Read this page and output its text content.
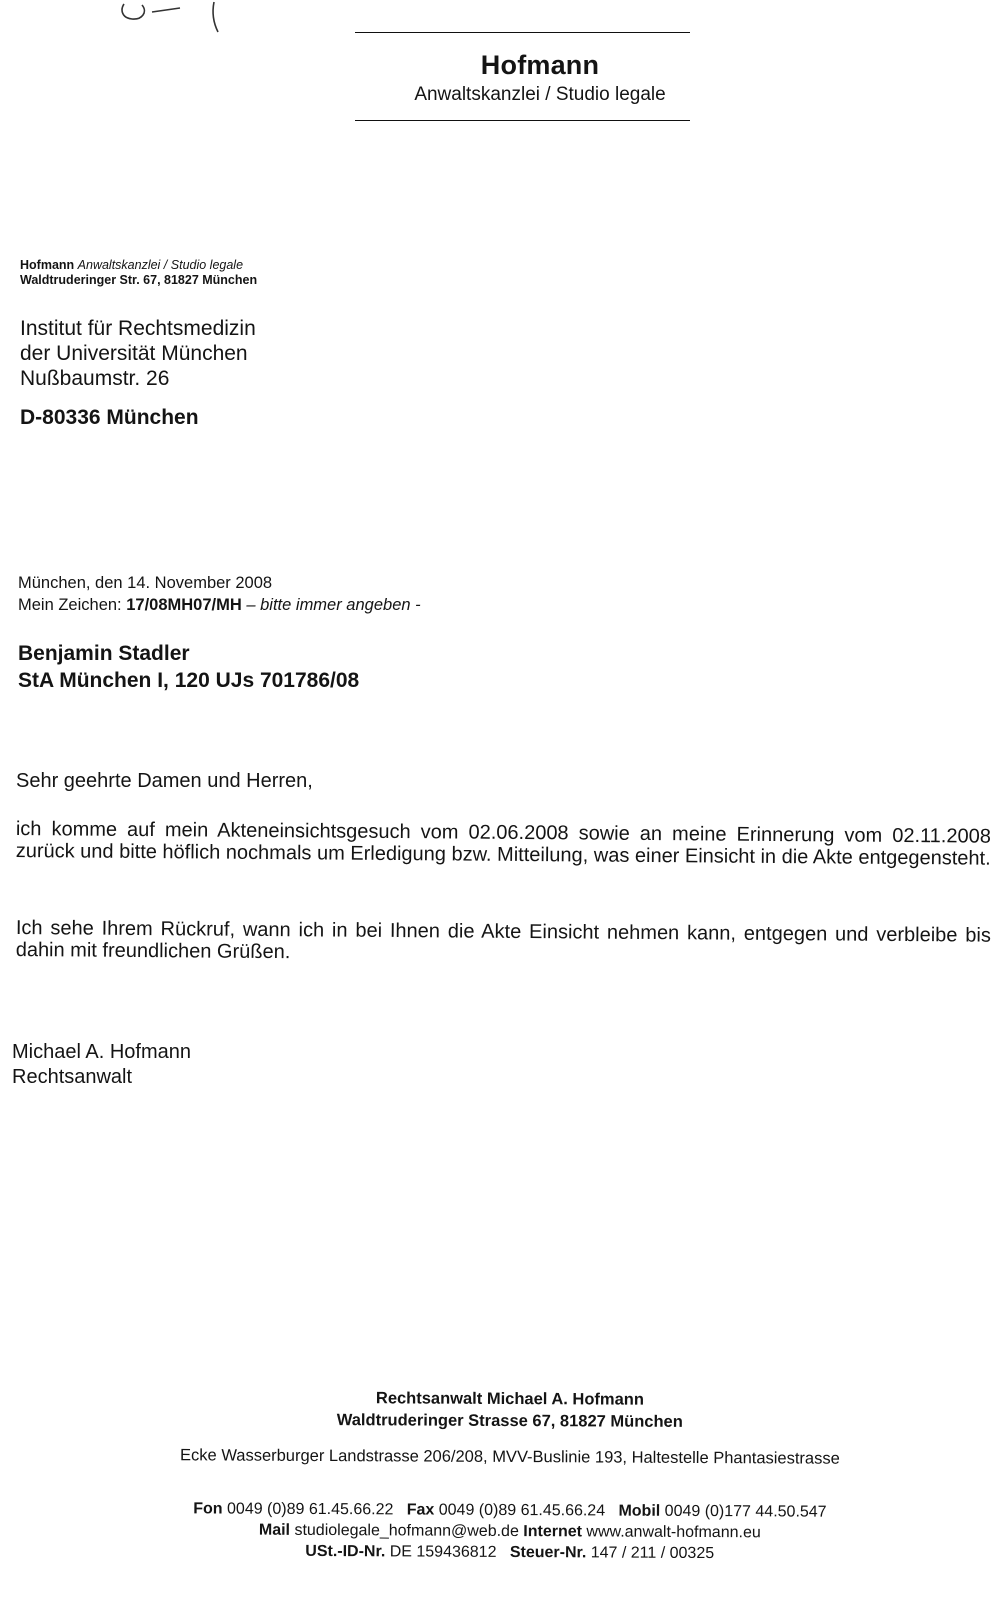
Hofmann
Anwaltskanzlei / Studio legale
Hofmann Anwaltskanzlei / Studio legale
Waldtruderinger Str. 67, 81827 München
Institut für Rechtsmedizin
der Universität München
Nußbaumstr. 26
D-80336 München
München, den 14. November 2008
Mein Zeichen: 17/08MH07/MH – bitte immer angeben -
Benjamin Stadler
StA München I, 120 UJs 701786/08
Sehr geehrte Damen und Herren,
ich komme auf mein Akteneinsichtsgesuch vom 02.06.2008 sowie an meine Erinnerung vom 02.11.2008 zurück und bitte höflich nochmals um Erledigung bzw. Mitteilung, was einer Einsicht in die Akte entgegensteht.
Ich sehe Ihrem Rückruf, wann ich in bei Ihnen die Akte Einsicht nehmen kann, entgegen und verbleibe bis dahin mit freundlichen Grüßen.
Michael A. Hofmann
Rechtsanwalt
Rechtsanwalt Michael A. Hofmann
Waldtruderinger Strasse 67, 81827 München
Ecke Wasserburger Landstrasse 206/208, MVV-Buslinie 193, Haltestelle Phantasiestrasse
Fon 0049 (0)89 61.45.66.22 Fax 0049 (0)89 61.45.66.24 Mobil 0049 (0)177 44.50.547
Mail studiolegale_hofmann@web.de Internet www.anwalt-hofmann.eu
USt.-ID-Nr. DE 159436812 Steuer-Nr. 147 / 211 / 00325
